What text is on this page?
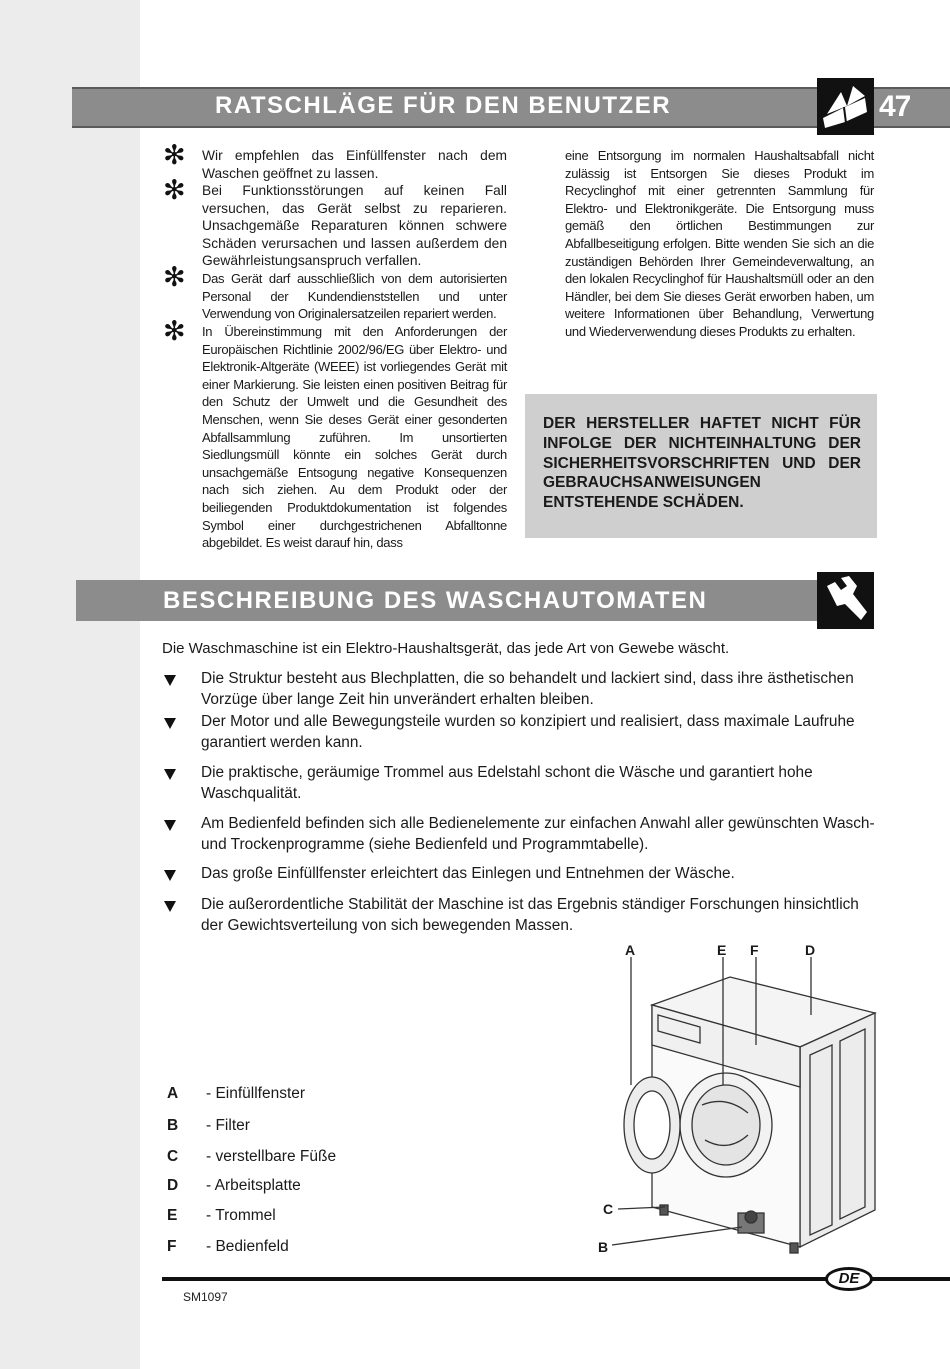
RATSCHLÄGE FÜR DEN BENUTZER	47
✻ Wir empfehlen das Einfüllfenster nach dem Waschen geöffnet zu lassen.
✻ Bei Funktionsstörungen auf keinen Fall versuchen, das Gerät selbst zu reparieren. Unsachgemäße Reparaturen können schwere Schäden verursachen und lassen außerdem den Gewährleistungsanspruch verfallen.
✻ Das Gerät darf ausschließlich von dem autorisierten Personal der Kundendienststellen und unter Verwendung von Originalersatzeilen repariert werden.
✻ In Übereinstimmung mit den Anforderungen der Europäischen Richtlinie 2002/96/EG über Elektro- und Elektronik-Altgeräte (WEEE) ist vorliegendes Gerät mit einer Markierung. Sie leisten einen positiven Beitrag für den Schutz der Umwelt und die Gesundheit des Menschen, wenn Sie deses Gerät einer gesonderten Abfallsammlung zuführen. Im unsortierten Siedlungsmüll könnte ein solches Gerät durch unsachgemäße Entsogung negative Konsequenzen nach sich ziehen. Au dem Produkt oder der beiliegenden Produktdokumentation ist folgendes Symbol einer durchgestrichenen Abfalltonne abgebildet. Es weist darauf hin, dass
eine Entsorgung im normalen Haushaltsabfall nicht zulässig ist Entsorgen Sie dieses Produkt im Recyclinghof mit einer getrennten Sammlung für Elektro- und Elektronikgeräte. Die Entsorgung muss gemäß den örtlichen Bestimmungen zur Abfallbeseitigung erfolgen. Bitte wenden Sie sich an die zuständigen Behörden Ihrer Gemeindeverwaltung, an den lokalen Recyclinghof für Haushaltsmüll oder an den Händler, bei dem Sie dieses Gerät erworben haben, um weitere Informationen über Behandlung, Verwertung und Wiederverwendung dieses Produkts zu erhalten.
DER HERSTELLER HAFTET NICHT FÜR INFOLGE DER NICHTEINHALTUNG DER SICHERHEITSVORSCHRIFTEN UND DER GEBRAUCHSANWEISUNGEN ENTSTEHENDE SCHÄDEN.
BESCHREIBUNG DES WASCHAUTOMATEN
Die Waschmaschine ist ein Elektro-Haushaltsgerät, das jede Art von Gewebe wäscht.
Die Struktur besteht aus Blechplatten, die so behandelt und lackiert sind, dass ihre ästhetischen Vorzüge über lange Zeit hin unverändert erhalten bleiben.
Der Motor und alle Bewegungsteile wurden so konzipiert und realisiert, dass maximale Laufruhe garantiert werden kann.
Die praktische, geräumige Trommel aus Edelstahl schont die Wäsche und garantiert hohe Waschqualität.
Am Bedienfeld befinden sich alle Bedienelemente zur einfachen Anwahl aller gewünschten Wasch- und Trockenprogramme (siehe Bedienfeld und Programmtabelle).
Das große Einfüllfenster erleichtert das Einlegen und Entnehmen der Wäsche.
Die außerordentliche Stabilität der Maschine ist das Ergebnis ständiger Forschungen hinsichtlich der Gewichtsverteilung von sich bewegenden Massen.
A - Einfüllfenster
B - Filter
C - verstellbare Füße
D - Arbeitsplatte
E - Trommel
F - Bedienfeld
A	E F	D
C
B
DE
SM1097
